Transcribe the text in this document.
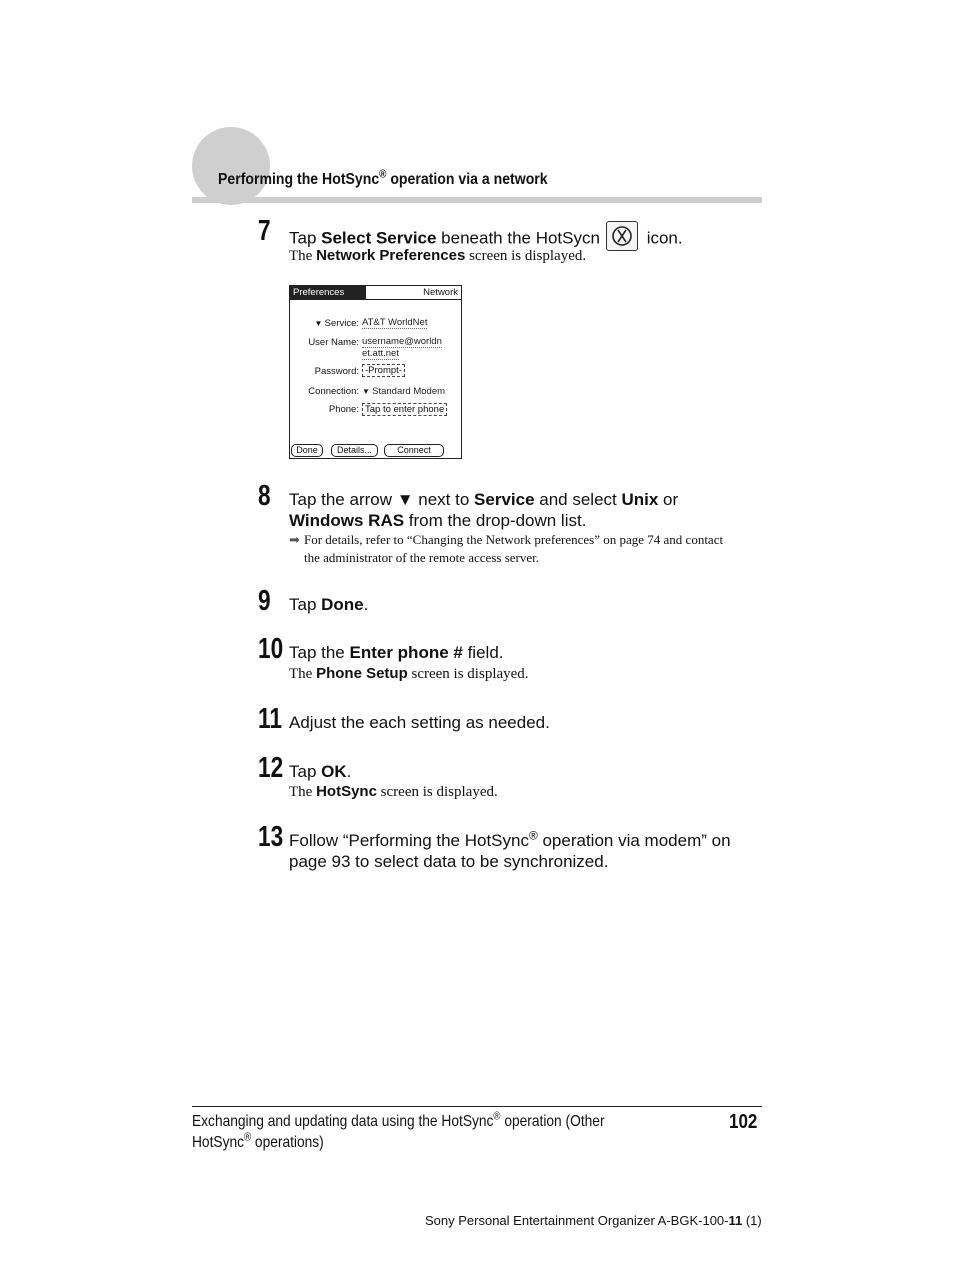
Performing the HotSync® operation via a network
7 Tap Select Service beneath the HotSycn icon.
The Network Preferences screen is displayed.
Preferences	Network
▼ Service: AT&T WorldNet
User Name: username@worldn
et.att.net
Password: -Prompt-
Connection: ▼ Standard Modem
Phone: Tap to enter phone
Done	Details...	Connect
8 Tap the arrow ▼ next to Service and select Unix or
Windows RAS from the drop-down list.
➡ For details, refer to “Changing the Network preferences” on page 74 and contact
the administrator of the remote access server.
9 Tap Done.
10 Tap the Enter phone # field.
The Phone Setup screen is displayed.
11 Adjust the each setting as needed.
12 Tap OK.
The HotSync screen is displayed.
13 Follow “Performing the HotSync® operation via modem” on
page 93 to select data to be synchronized.
Exchanging and updating data using the HotSync® operation (Other
HotSync® operations)
102
Sony Personal Entertainment Organizer A-BGK-100-11 (1)
